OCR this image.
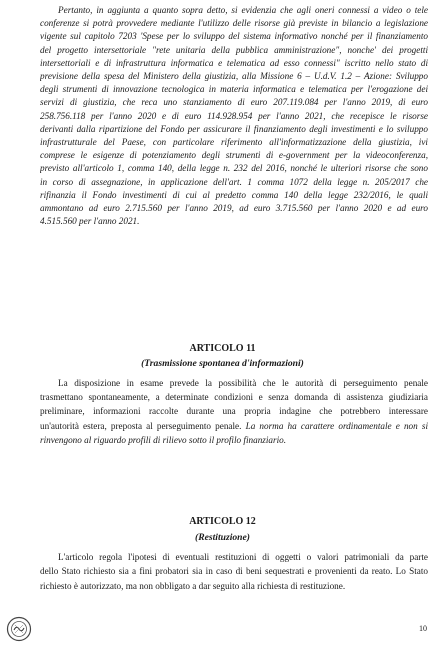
Pertanto, in aggiunta a quanto sopra detto, si evidenzia che agli oneri connessi a video o tele
conferenze si potrà provvedere mediante l'utilizzo delle risorse già previste in bilancio a legislazione
vigente sul capitolo 7203 'Spese per lo sviluppo del sistema informativo nonché per il finanziamento
del progetto intersettoriale "rete unitaria della pubblica amministrazione", nonche' dei progetti
intersettoriali e di infrastruttura informatica e telematica ad esso connessi" iscritto nello stato di
previsione della spesa del Ministero della giustizia, alla Missione 6 – U.d.V. 1.2 – Azione: Sviluppo
degli strumenti di innovazione tecnologica in materia informatica e telematica per l'erogazione dei
servizi di giustizia, che reca uno stanziamento di euro 207.119.084 per l'anno 2019, di euro
258.756.118 per l'anno 2020 e di euro 114.928.954 per l'anno 2021, che recepisce le risorse
derivanti dalla ripartizione del Fondo per assicurare il finanziamento degli investimenti e lo sviluppo
infrastrutturale del Paese, con particolare riferimento all'informatizzazione della giustizia, ivi
comprese le esigenze di potenziamento degli strumenti di e-government per la videoconferenza,
previsto all'articolo 1, comma 140, della legge n. 232 del 2016, nonché le ulteriori risorse che sono
in corso di assegnazione, in applicazione dell'art. 1 comma 1072 della legge n. 205/2017 che
rifinanzia il Fondo investimenti di cui al predetto comma 140 della legge 232/2016, le quali
ammontano ad euro 2.715.560 per l'anno 2019, ad euro 3.715.560 per l'anno 2020 e ad euro
4.515.560 per l'anno 2021.
ARTICOLO 11
(Trasmissione spontanea d'informazioni)
La disposizione in esame prevede la possibilità che le autorità di perseguimento penale
trasmettano spontaneamente, a determinate condizioni e senza domanda di assistenza giudiziaria
preliminare, informazioni raccolte durante una propria indagine che potrebbero interessare
un'autorità estera, preposta al perseguimento penale. La norma ha carattere ordinamentale e non si
rinvengono al riguardo profili di rilievo sotto il profilo finanziario.
ARTICOLO 12
(Restituzione)
L'articolo regola l'ipotesi di eventuali restituzioni di oggetti o valori patrimoniali da parte
dello Stato richiesto sia a fini probatori sia in caso di beni sequestrati e provenienti da reato. Lo Stato
richiesto è autorizzato, ma non obbligato a dar seguito alla richiesta di restituzione.
10
